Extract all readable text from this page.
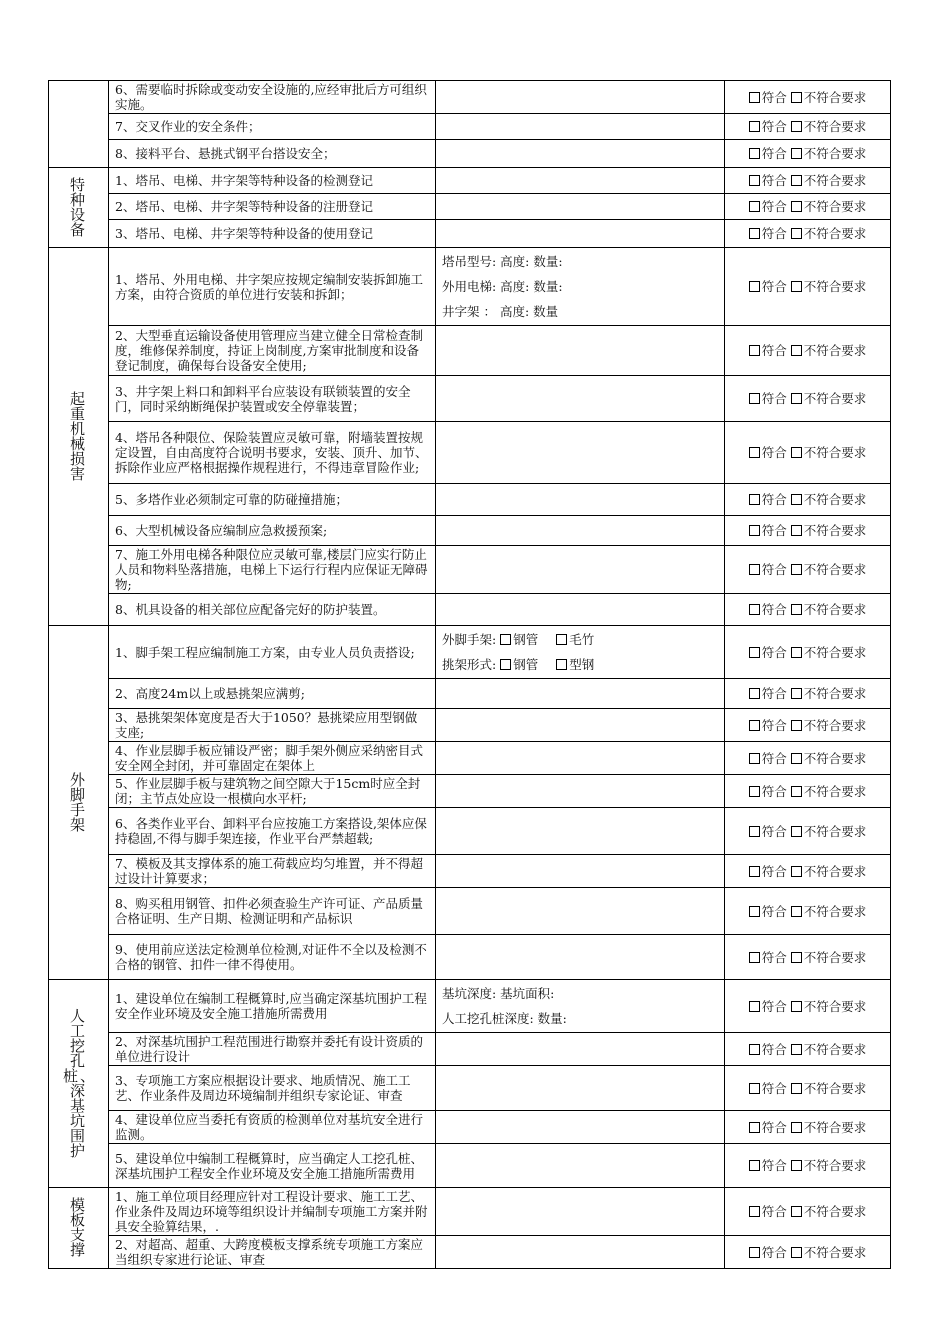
	6、需要临时拆除或变动安全设施的,应经审批后方可组织实施。		符合 不符合要求
	7、交叉作业的安全条件；		符合 不符合要求
	8、接料平台、悬挑式钢平台搭设安全；		符合 不符合要求
特种设备	1、塔吊、电梯、井字架等特种设备的检测登记		符合 不符合要求
	2、塔吊、电梯、井字架等特种设备的注册登记		符合 不符合要求
	3、塔吊、电梯、井字架等特种设备的使用登记		符合 不符合要求
起重机械损害	1、塔吊、外用电梯、井字架应按规定编制安装拆卸施工方案，由符合资质的单位进行安装和拆卸；	塔吊型号: 高度: 数量:
外用电梯: 高度: 数量:
井字架 ： 高度: 数量	符合 不符合要求
	2、大型垂直运输设备使用管理应当建立健全日常检查制度，维修保养制度，持证上岗制度,方案审批制度和设备登记制度，确保每台设备安全使用;		符合 不符合要求
	3、井字架上料口和卸料平台应装设有联锁装置的安全门，同时采纳断绳保护装置或安全停靠装置；		符合 不符合要求
	4、塔吊各种限位、保险装置应灵敏可靠，附墙装置按规定设置，自由高度符合说明书要求，安装、顶升、加节、拆除作业应严格根据操作规程进行，不得违章冒险作业;		符合 不符合要求
	5、多塔作业必须制定可靠的防碰撞措施；		符合 不符合要求
	6、大型机械设备应编制应急救援预案;		符合 不符合要求
	7、施工外用电梯各种限位应灵敏可靠,楼层门应实行防止人员和物料坠落措施，电梯上下运行行程内应保证无障碍物;		符合 不符合要求
	8、机具设备的相关部位应配备完好的防护装置。		符合 不符合要求
外脚手架	1、脚手架工程应编制施工方案，由专业人员负责搭设;	外脚手架: 钢管 毛竹
挑架形式: 钢管 型钢	符合 不符合要求
	2、高度24m以上或悬挑架应满剪;		符合 不符合要求
	3、悬挑架架体宽度是否大于1050？悬挑梁应用型钢做支座;		符合 不符合要求
	4、作业层脚手板应铺设严密；脚手架外侧应采纳密目式安全网全封闭，并可靠固定在架体上		符合 不符合要求
	5、作业层脚手板与建筑物之间空隙大于15cm时应全封闭；主节点处应设一根横向水平杆;		符合 不符合要求
	6、各类作业平台、卸料平台应按施工方案搭设,架体应保持稳固,不得与脚手架连接，作业平台严禁超载;		符合 不符合要求
	7、模板及其支撑体系的施工荷载应均匀堆置，并不得超过设计计算要求；		符合 不符合要求
	8、购买租用钢管、扣件必须查验生产许可证、产品质量合格证明、生产日期、检测证明和产品标识		符合 不符合要求
	9、使用前应送法定检测单位检测,对证件不全以及检测不合格的钢管、扣件一律不得使用。		符合 不符合要求
人工挖孔桩、深基坑围护	1、建设单位在编制工程概算时,应当确定深基坑围护工程安全作业环境及安全施工措施所需费用	基坑深度: 基坑面积:
人工挖孔桩深度: 数量:	符合 不符合要求
	2、对深基坑围护工程范围进行勘察并委托有设计资质的单位进行设计		符合 不符合要求
	3、专项施工方案应根据设计要求、地质情况、施工工艺、作业条件及周边环境编制并组织专家论证、审查		符合 不符合要求
	4、建设单位应当委托有资质的检测单位对基坑安全进行监测。		符合 不符合要求
	5、建设单位中编制工程概算时，应当确定人工挖孔桩、深基坑围护工程安全作业环境及安全施工措施所需费用		符合 不符合要求
模板支撑	1、施工单位项目经理应针对工程设计要求、施工工艺、作业条件及周边环境等组织设计并编制专项施工方案并附具安全验算结果，.		符合 不符合要求
	2、对超高、超重、大跨度模板支撑系统专项施工方案应当组织专家进行论证、审查		符合 不符合要求
